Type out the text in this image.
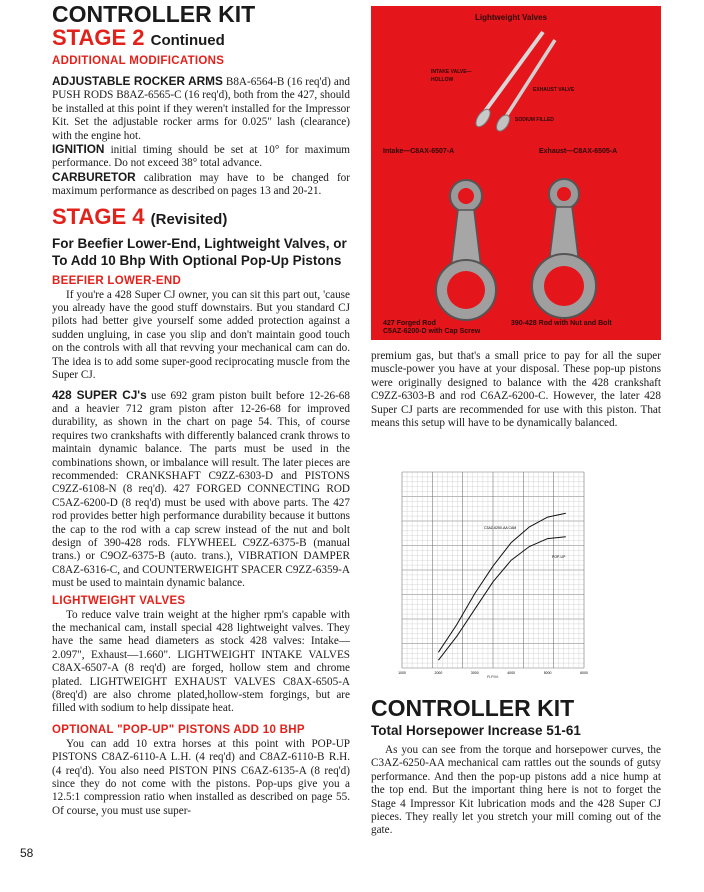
CONTROLLER KIT
STAGE 2 Continued
ADDITIONAL MODIFICATIONS

ADJUSTABLE ROCKER ARMS B8A-6564-B (16 req'd) and PUSH RODS B8AZ-6565-C (16 req'd), both from the 427, should be installed at this point if they weren't installed for the Impressor Kit. Set the adjustable rocker arms for 0.025" lash (clearance) with the engine hot.

IGNITION initial timing should be set at 10° for maximum performance. Do not exceed 38° total advance.

CARBURETOR calibration may have to be changed for maximum performance as described on pages 13 and 20-21.

STAGE 4 (Revisited)
For Beefier Lower-End, Lightweight Valves, or To Add 10 Bhp With Optional Pop-Up Pistons
BEEFIER LOWER-END

If you're a 428 Super CJ owner, you can sit this part out, 'cause you already have the good stuff downstairs. But you standard CJ pilots had better give yourself some added protection against a sudden ungluing, in case you slip and don't maintain good touch on the controls with all that revving your mechanical cam can do. The idea is to add some super-good reciprocating muscle from the Super CJ.

428 SUPER CJ's use 692 gram piston built before 12-26-68 and a heavier 712 gram piston after 12-26-68 for improved durability, as shown in the chart on page 54. This, of course requires two crankshafts with differently balanced crank throws to maintain dynamic balance. The parts must be used in the combinations shown, or imbalance will result. The later pieces are recommended: CRANKSHAFT C9ZZ-6303-D and PISTONS C9ZZ-6108-N (8 req'd). 427 FORGED CONNECTING ROD C5AZ-6200-D (8 req'd) must be used with above parts. The 427 rod provides better high performance durability because it buttons the cap to the rod with a cap screw instead of the nut and bolt design of 390-428 rods. FLYWHEEL C9ZZ-6375-B (manual trans.) or C9OZ-6375-B (auto. trans.), VIBRATION DAMPER C8AZ-6316-C, and COUNTERWEIGHT SPACER C9ZZ-6359-A must be used to maintain dynamic balance.

LIGHTWEIGHT VALVES

To reduce valve train weight at the higher rpm's capable with the mechanical cam, install special 428 lightweight valves. They have the same head diameters as stock 428 valves: Intake—2.097", Exhaust—1.660". LIGHTWEIGHT INTAKE VALVES C8AX-6507-A (8 req'd) are forged, hollow stem and chrome plated. LIGHTWEIGHT EXHAUST VALVES C8AX-6505-A (8req'd) are also chrome plated,hollow-stem forgings, but are filled with sodium to help dissipate heat.

OPTIONAL "POP-UP" PISTONS ADD 10 BHP

You can add 10 extra horses at this point with POP-UP PISTONS C8AZ-6110-A L.H. (4 req'd) and C8AZ-6110-B R.H. (4 req'd). You also need PISTON PINS C6AZ-6135-A (8 req'd) since they do not come with the pistons. Pop-ups give you a 12.5:1 compression ratio when installed as described on page 55. Of course, you must use super-

Lightweight Valves
INTAKE VALVE—
HOLLOW
EXHAUST VALVE
SODIUM FILLED
Intake—C8AX-6507-A	Exhaust—C8AX-6505-A
427 Forged Rod
C5AZ-6200-D with Cap Screw
390-428 Rod with Nut and Bolt

premium gas, but that's a small price to pay for all the super muscle-power you have at your disposal. These pop-up pistons were originally designed to balance with the 428 crankshaft C9ZZ-6303-B and rod C6AZ-6200-C. However, the later 428 Super CJ parts are recommended for use with this piston. That means this setup will have to be dynamically balanced.

CONTROLLER KIT
Total Horsepower Increase 51-61

As you can see from the torque and horsepower curves, the C3AZ-6250-AA mechanical cam rattles out the sounds of gutsy performance. And then the pop-up pistons add a nice hump at the top end. But the important thing here is not to forget the Stage 4 Impressor Kit lubrication mods and the 428 Super CJ pieces. They really let you stretch your mill coming out of the gate.

C3AZ-6250-AA CAM
POP-UP
1000	2000	3000	4000	5000	6000
R.P.M.
58
